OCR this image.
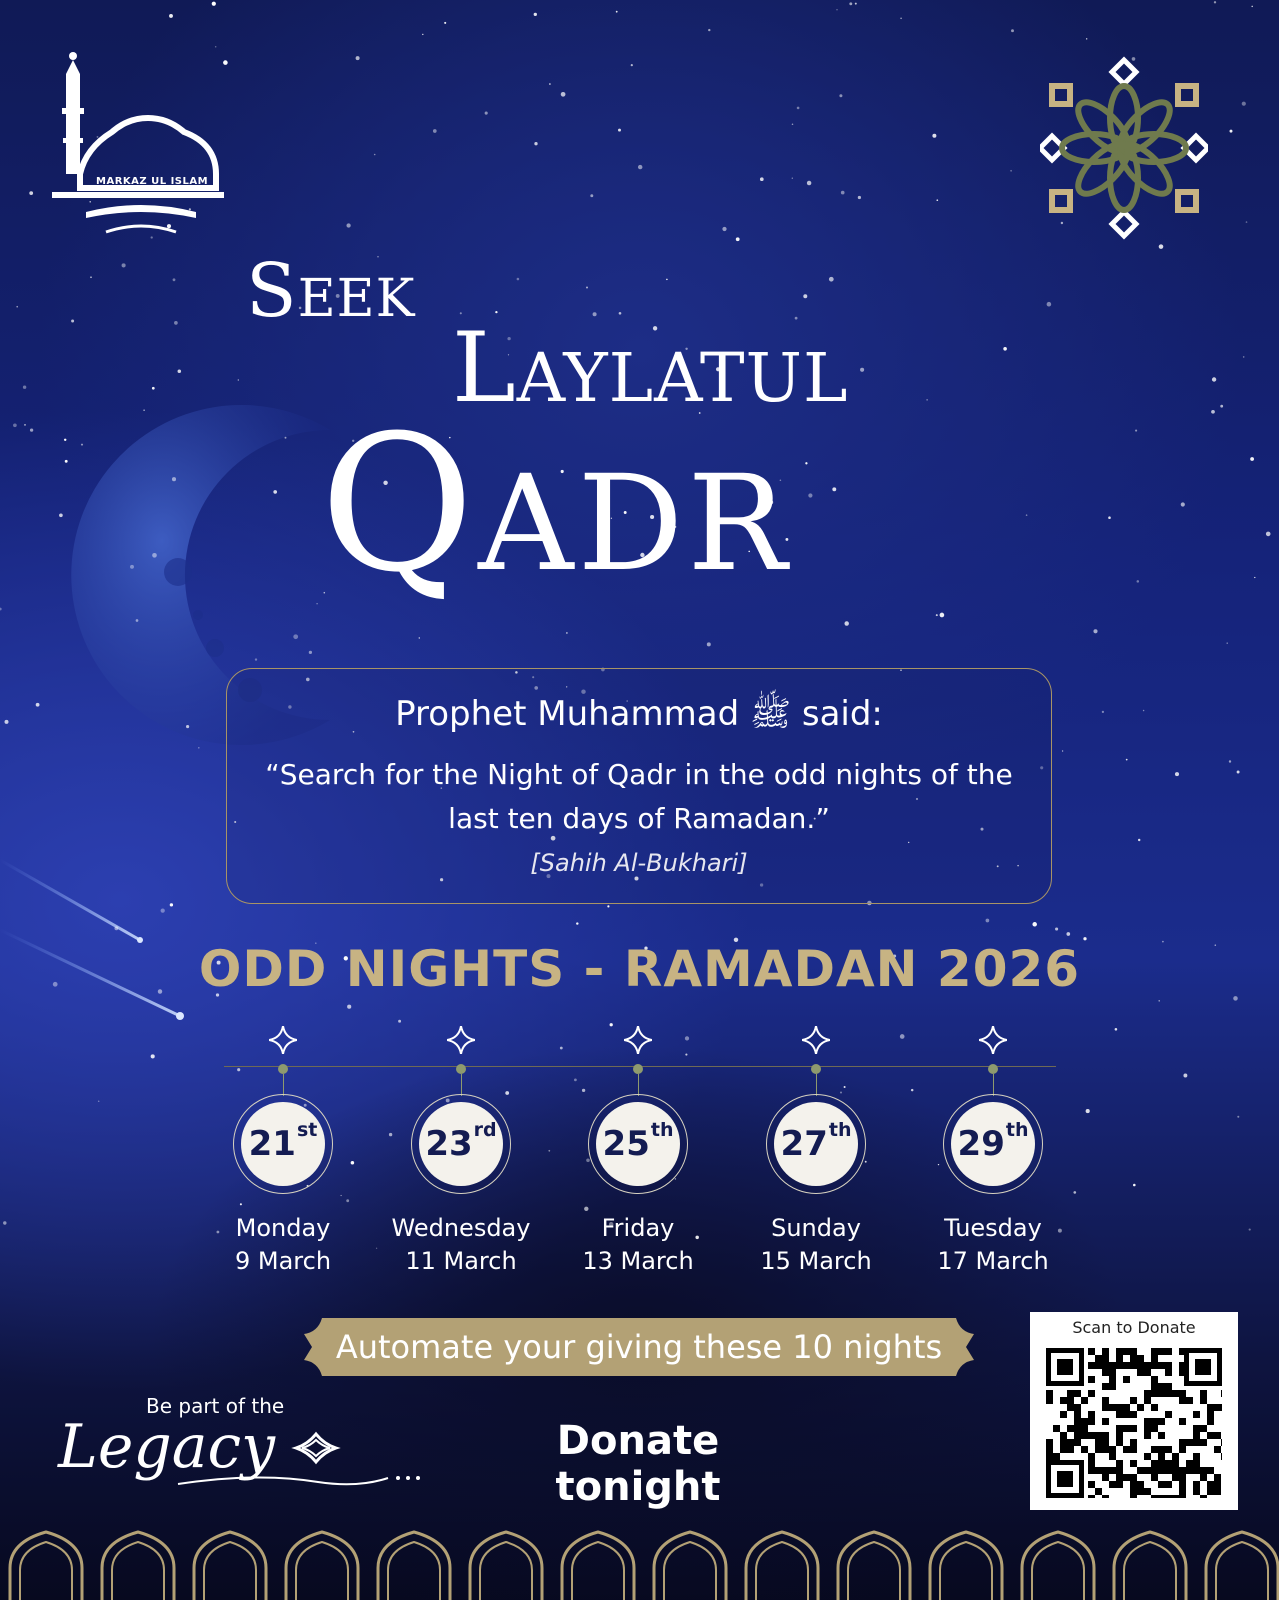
MARKAZ UL ISLAM
Seek
Laylatul
Qadr
Prophet Muhammad ﷺ said:
“Search for the Night of Qadr in the odd nights of the last ten days of Ramadan.”
[Sahih Al-Bukhari]
ODD NIGHTS - RAMADAN 2026
21st
Monday
9 March
23rd
Wednesday
11 March
25th
Friday
13 March
27th
Sunday
15 March
29th
Tuesday
17 March
Automate your giving these 10 nights
Donate tonight
Scan to Donate
Be part of the
Legacy
